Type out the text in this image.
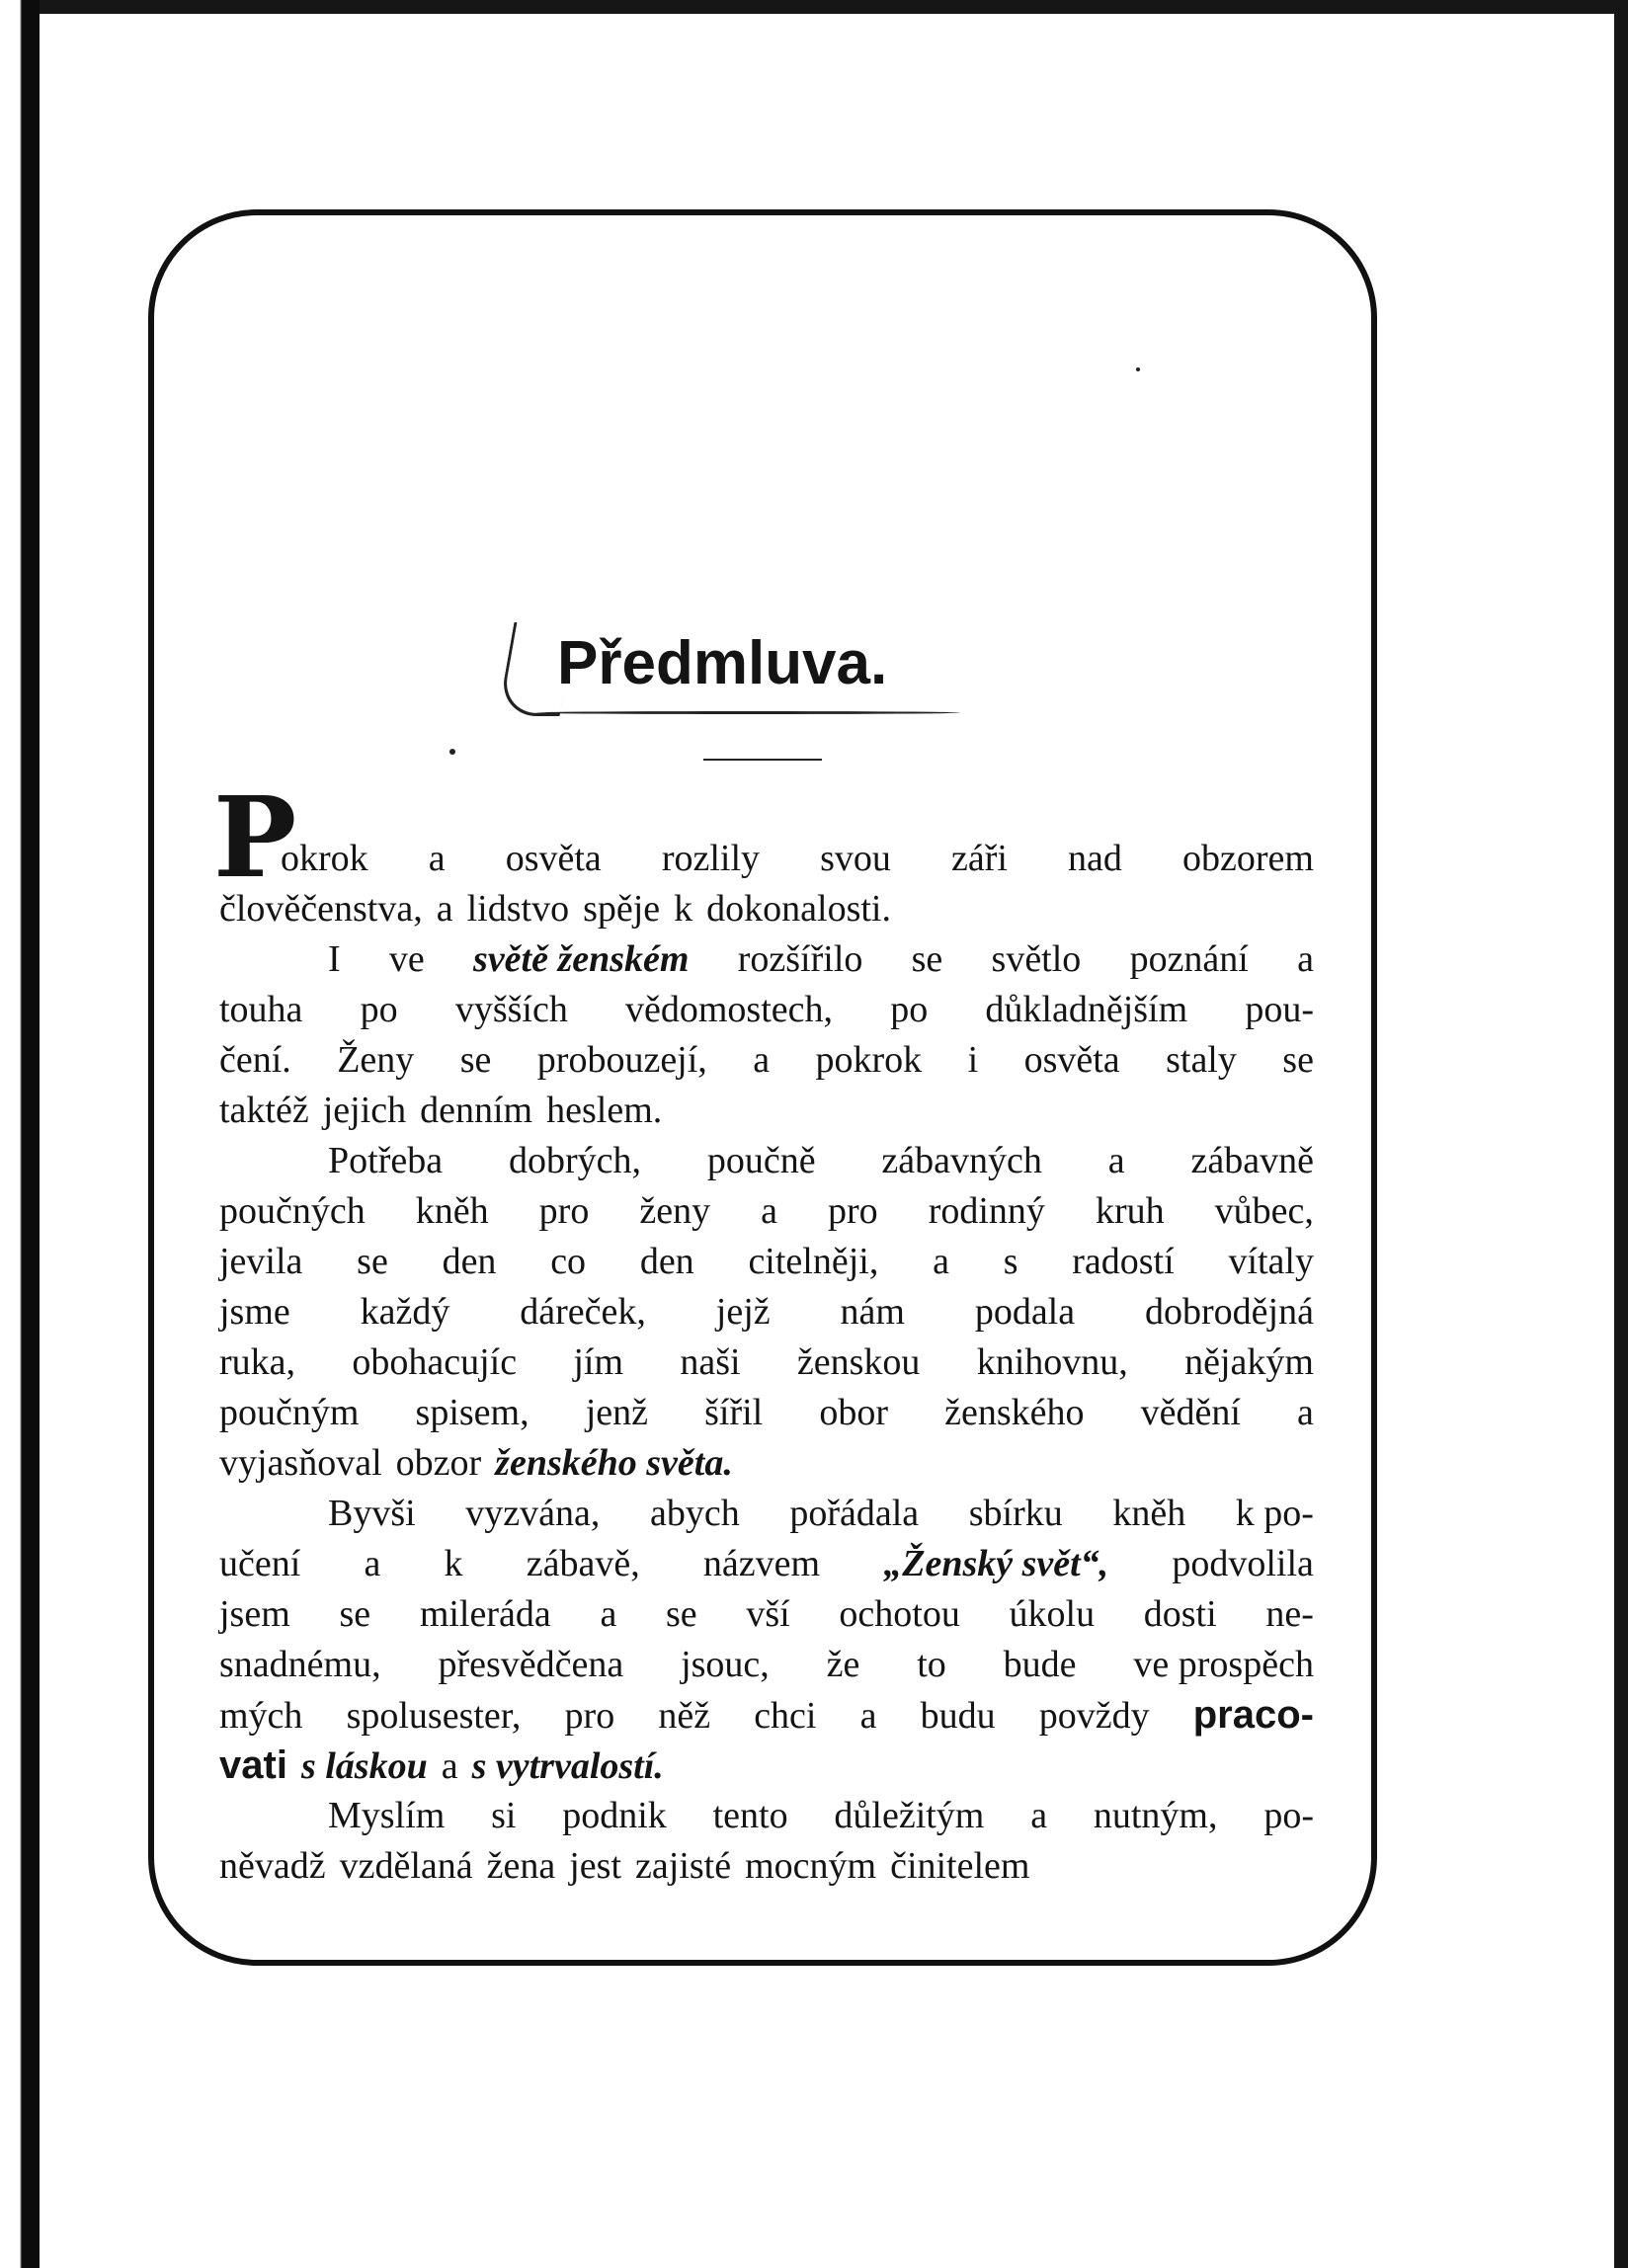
Předmluva.
P
okrok a osvěta rozlily svou záři nad obzorem
člověčenstva, a lidstvo spěje k dokonalosti.
I ve světě ženském rozšířilo se světlo poznání a
touha po vyšších vědomostech, po důkladnějším pou-
čení. Ženy se probouzejí, a pokrok i osvěta staly se
taktéž jejich denním heslem.
Potřeba dobrých, poučně zábavných a zábavně
poučných kněh pro ženy a pro rodinný kruh vůbec,
jevila se den co den citelněji, a s radostí vítaly
jsme každý dáreček, jejž nám podala dobrodějná
ruka, obohacujíc jím naši ženskou knihovnu, nějakým
poučným spisem, jenž šířil obor ženského vědění a
vyjasňoval obzor ženského světa.
Byvši vyzvána, abych pořádala sbírku kněh k po-
učení a k zábavě, názvem „Ženský svět“, podvolila
jsem se mileráda a se vší ochotou úkolu dosti ne-
snadnému, přesvědčena jsouc, že to bude ve prospěch
mých spolusester, pro něž chci a budu povždy praco-
vati s láskou a s vytrvalostí.
Myslím si podnik tento důležitým a nutným, po-
něvadž vzdělaná žena jest zajisté mocným činitelem
